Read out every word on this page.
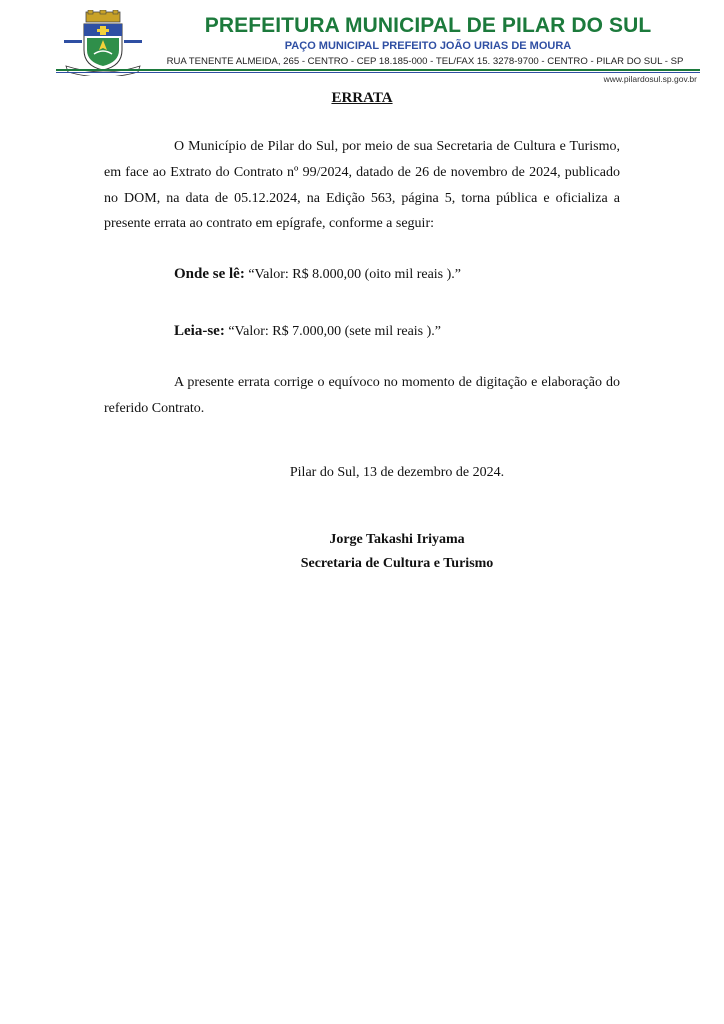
PREFEITURA MUNICIPAL DE PILAR DO SUL
PAÇO MUNICIPAL PREFEITO JOÃO URIAS DE MOURA
RUA TENENTE ALMEIDA, 265 - CENTRO - CEP 18.185-000 - TEL/FAX 15. 3278-9700 - CENTRO - PILAR DO SUL - SP
www.pilardosul.sp.gov.br
ERRATA

O Município de Pilar do Sul, por meio de sua Secretaria de Cultura e Turismo, em face ao Extrato do Contrato nº 99/2024, datado de 26 de novembro de 2024, publicado no DOM, na data de 05.12.2024, na Edição 563, página 5, torna pública e oficializa a presente errata ao contrato em epígrafe, conforme a seguir:

Onde se lê: “Valor: R$ 8.000,00 (oito mil reais ).”
Leia-se: “Valor: R$ 7.000,00 (sete mil reais ).”

A presente errata corrige o equívoco no momento de digitação e elaboração do referido Contrato.

Pilar do Sul, 13 de dezembro de 2024.
Jorge Takashi Iriyama
Secretaria de Cultura e Turismo
